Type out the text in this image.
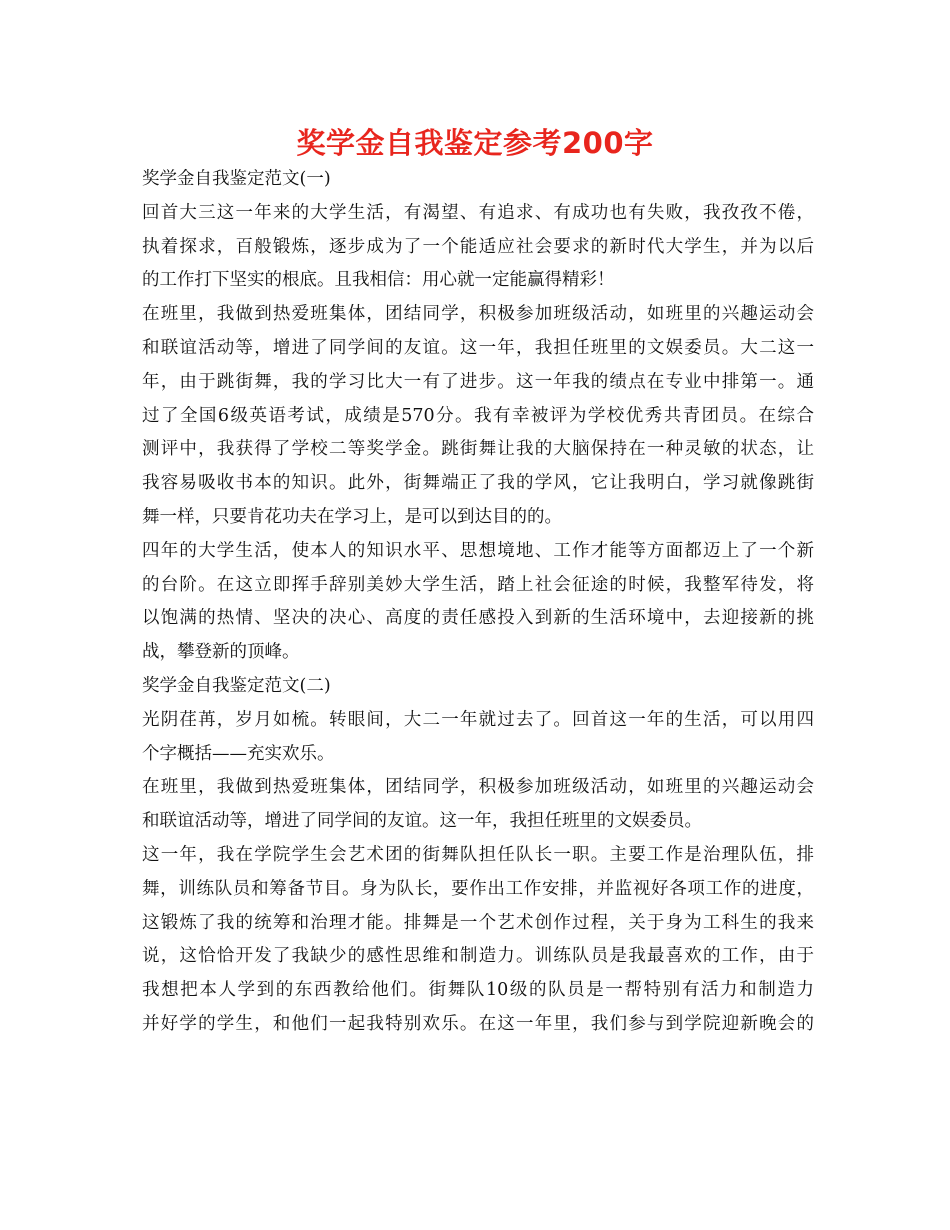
奖学金自我鉴定参考200字
奖学金自我鉴定范文(一)
回首大三这一年来的大学生活，有渴望、有追求、有成功也有失败，我孜孜不倦，
执着探求，百般锻炼，逐步成为了一个能适应社会要求的新时代大学生，并为以后
的工作打下坚实的根底。且我相信：用心就一定能赢得精彩！
在班里，我做到热爱班集体，团结同学，积极参加班级活动，如班里的兴趣运动会
和联谊活动等，增进了同学间的友谊。这一年，我担任班里的文娱委员。大二这一
年，由于跳街舞，我的学习比大一有了进步。这一年我的绩点在专业中排第一。通
过了全国6级英语考试，成绩是570分。我有幸被评为学校优秀共青团员。在综合
测评中，我获得了学校二等奖学金。跳街舞让我的大脑保持在一种灵敏的状态，让
我容易吸收书本的知识。此外，街舞端正了我的学风，它让我明白，学习就像跳街
舞一样，只要肯花功夫在学习上，是可以到达目的的。
四年的大学生活，使本人的知识水平、思想境地、工作才能等方面都迈上了一个新
的台阶。在这立即挥手辞别美妙大学生活，踏上社会征途的时候，我整军待发，将
以饱满的热情、坚决的决心、高度的责任感投入到新的生活环境中，去迎接新的挑
战，攀登新的顶峰。
奖学金自我鉴定范文(二)
光阴荏苒，岁月如梳。转眼间，大二一年就过去了。回首这一年的生活，可以用四
个字概括——充实欢乐。
在班里，我做到热爱班集体，团结同学，积极参加班级活动，如班里的兴趣运动会
和联谊活动等，增进了同学间的友谊。这一年，我担任班里的文娱委员。
这一年，我在学院学生会艺术团的街舞队担任队长一职。主要工作是治理队伍，排
舞，训练队员和筹备节目。身为队长，要作出工作安排，并监视好各项工作的进度，
这锻炼了我的统筹和治理才能。排舞是一个艺术创作过程，关于身为工科生的我来
说，这恰恰开发了我缺少的感性思维和制造力。训练队员是我最喜欢的工作，由于
我想把本人学到的东西教给他们。街舞队10级的队员是一帮特别有活力和制造力
并好学的学生，和他们一起我特别欢乐。在这一年里，我们参与到学院迎新晚会的
